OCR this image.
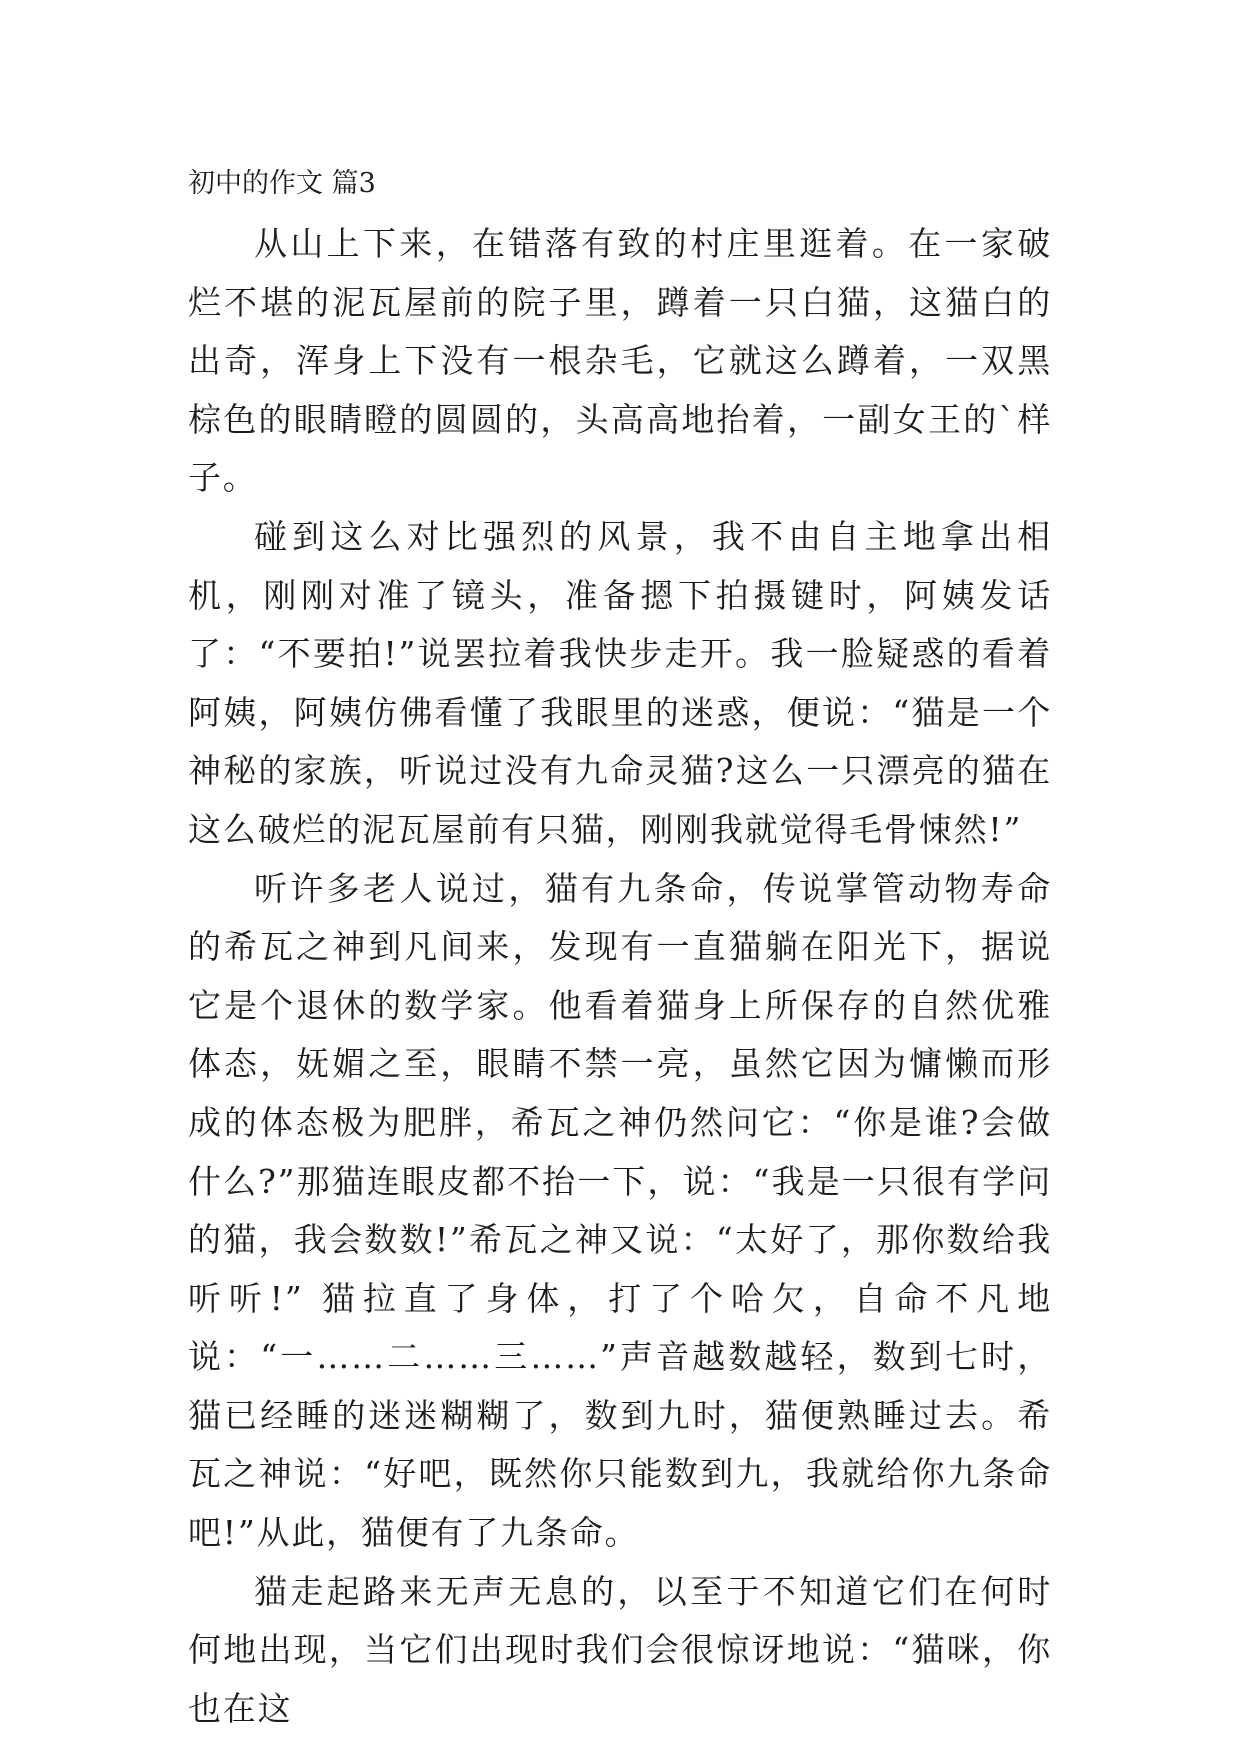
初中的作文 篇3

从山上下来，在错落有致的村庄里逛着。在一家破烂不堪的泥瓦屋前的院子里，蹲着一只白猫，这猫白的出奇，浑身上下没有一根杂毛，它就这么蹲着，一双黑棕色的眼睛瞪的圆圆的，头高高地抬着，一副女王的`样子。

碰到这么对比强烈的风景，我不由自主地拿出相机，刚刚对准了镜头，准备摁下拍摄键时，阿姨发话了：“不要拍!”说罢拉着我快步走开。我一脸疑惑的看着阿姨，阿姨仿佛看懂了我眼里的迷惑，便说：“猫是一个神秘的家族，听说过没有九命灵猫?这么一只漂亮的猫在这么破烂的泥瓦屋前有只猫，刚刚我就觉得毛骨悚然!”

听许多老人说过，猫有九条命，传说掌管动物寿命的希瓦之神到凡间来，发现有一直猫躺在阳光下，据说它是个退休的数学家。他看着猫身上所保存的自然优雅体态，妩媚之至，眼睛不禁一亮，虽然它因为慵懒而形成的体态极为肥胖，希瓦之神仍然问它：“你是谁?会做什么?”那猫连眼皮都不抬一下，说：“我是一只很有学问的猫，我会数数!”希瓦之神又说：“太好了，那你数给我听听!” 猫拉直了身体，打了个哈欠，自命不凡地说：“一……二……三……”声音越数越轻，数到七时，猫已经睡的迷迷糊糊了，数到九时，猫便熟睡过去。希瓦之神说：“好吧，既然你只能数到九，我就给你九条命吧!”从此，猫便有了九条命。

猫走起路来无声无息的，以至于不知道它们在何时何地出现，当它们出现时我们会很惊讶地说：“猫咪，你也在这
